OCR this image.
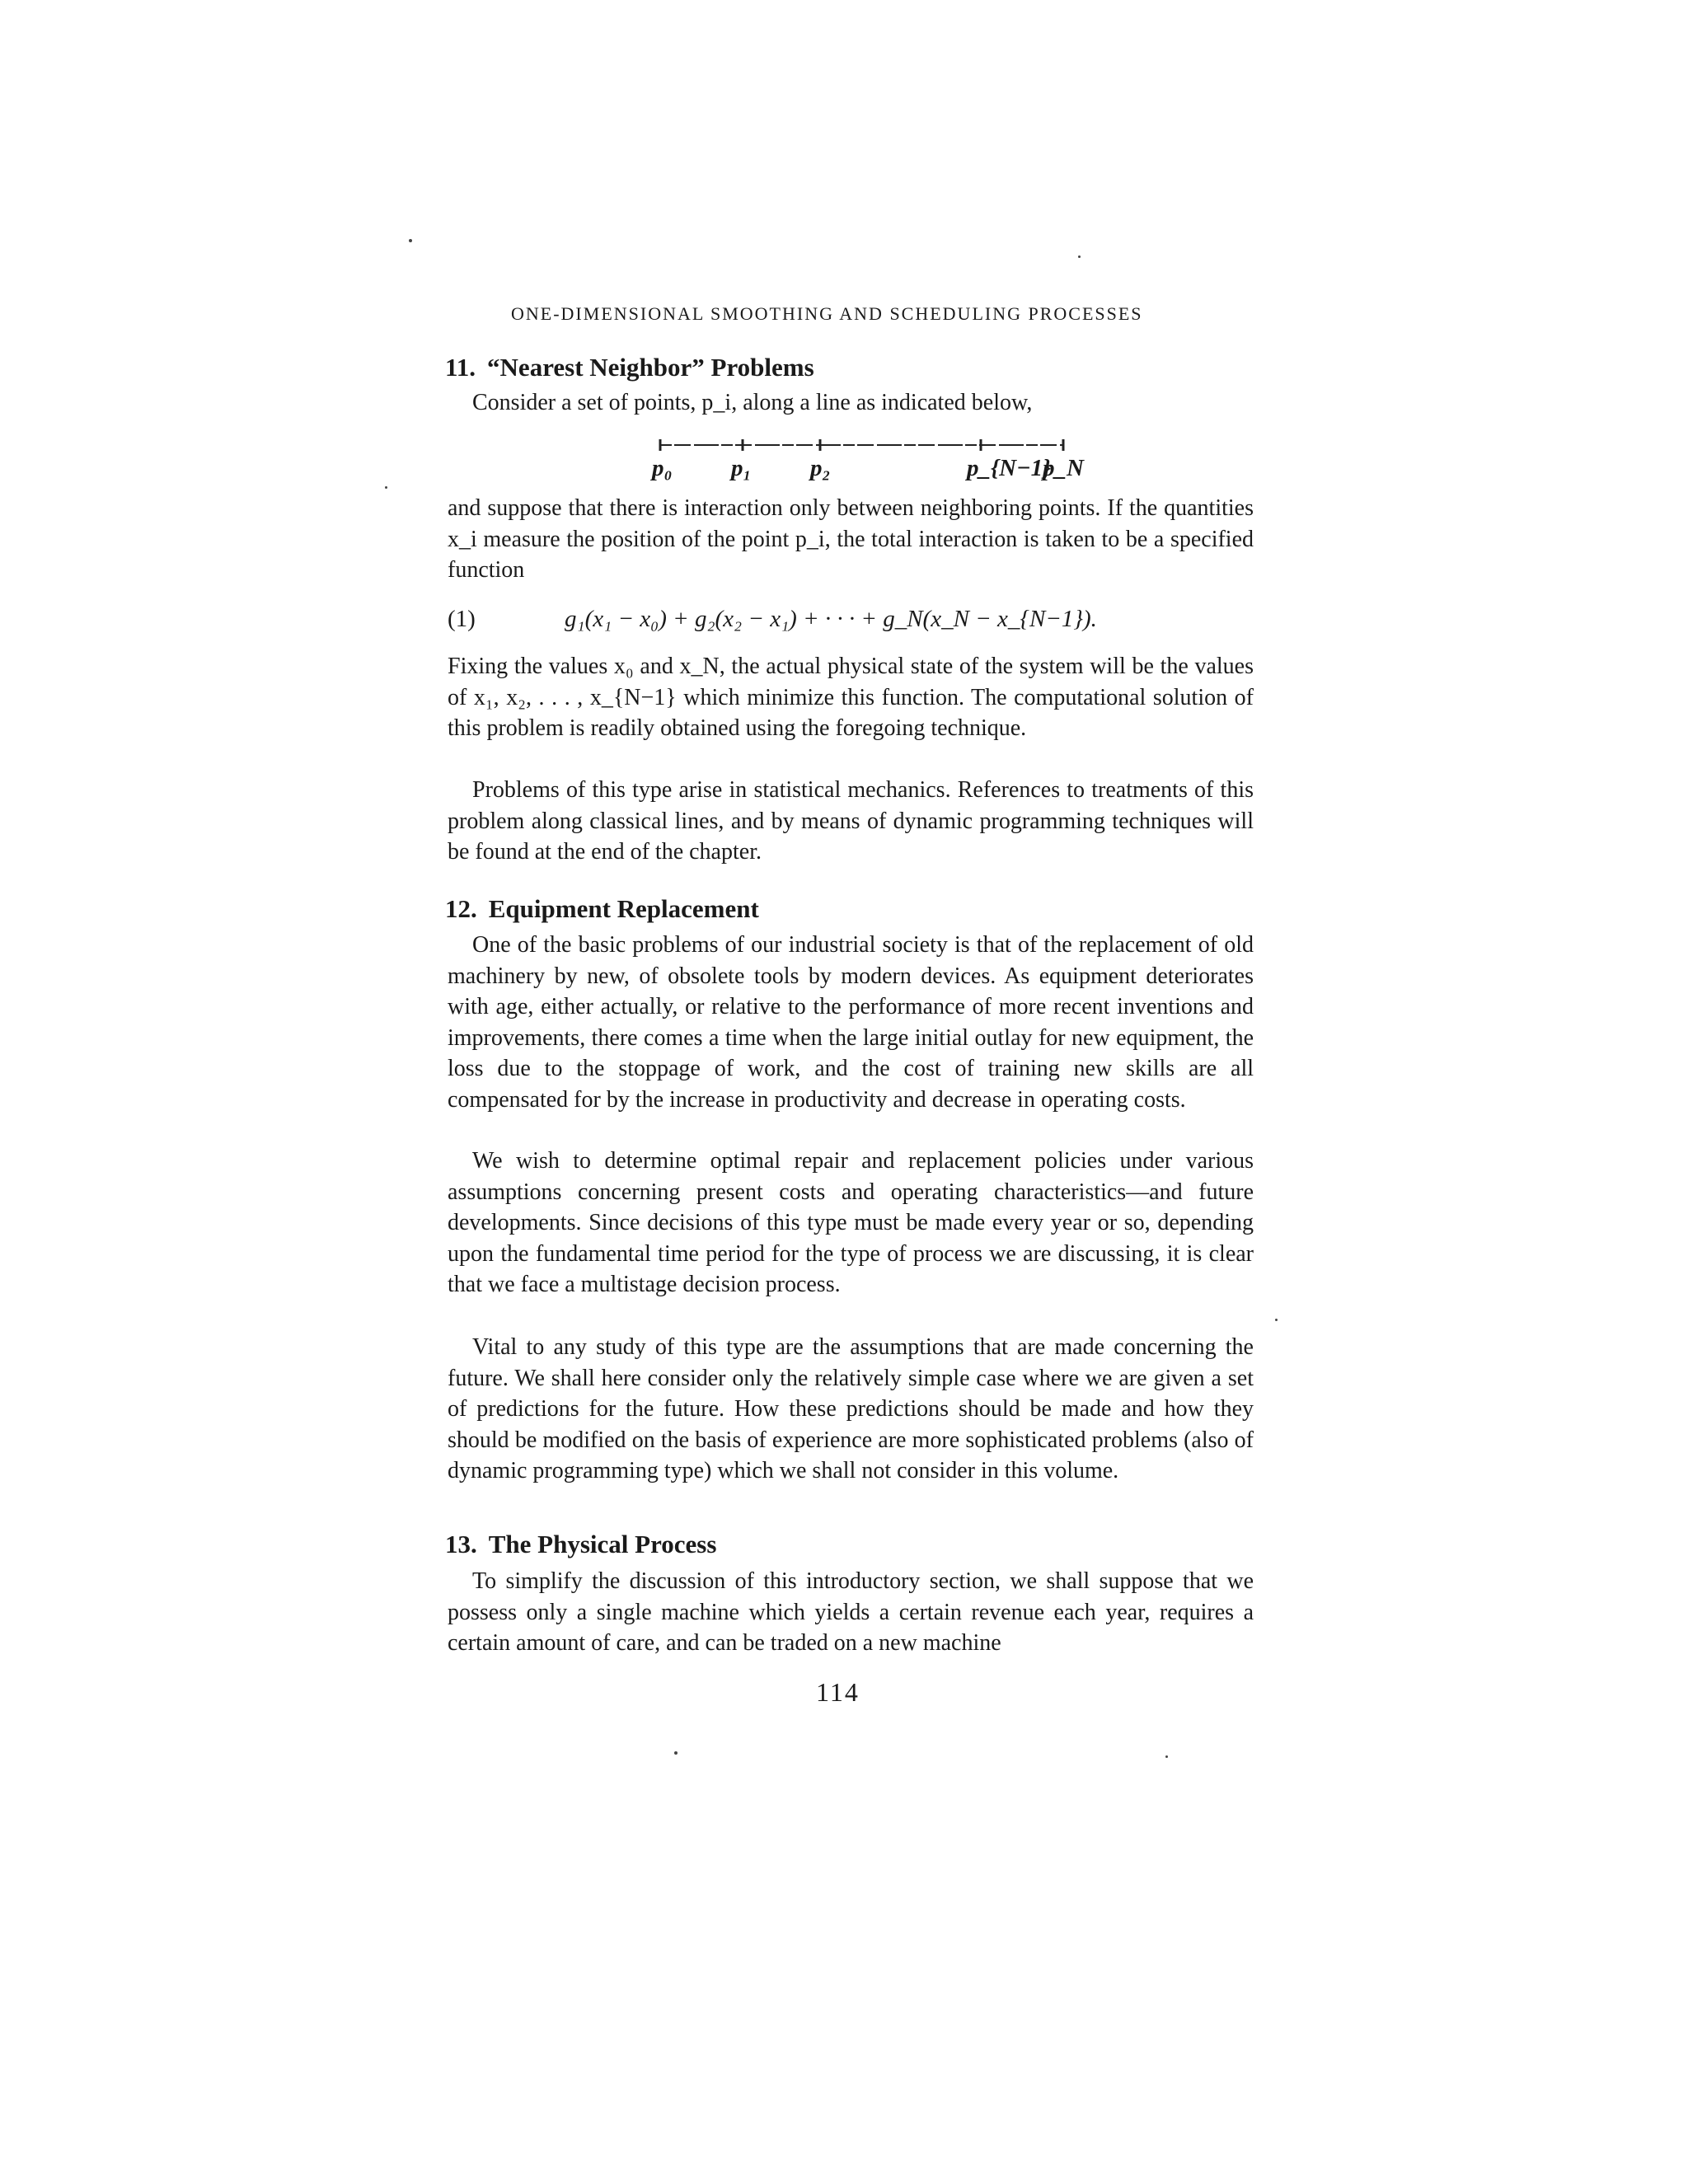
ONE-DIMENSIONAL SMOOTHING AND SCHEDULING PROCESSES
11. “Nearest Neighbor” Problems

Consider a set of points, p_i, along a line as indicated below,

p₀ p₁ p₂	p_{N−1}
p_N

and suppose that there is interaction only between neighboring points. If the quantities x_i measure the position of the point p_i, the total interaction is taken to be a specified function

(1)	g₁(x₁ − x₀) + g₂(x₂ − x₁) + · · · + g_N(x_N − x_{N−1}).

Fixing the values x₀ and x_N, the actual physical state of the system will be the values of x₁, x₂, . . . , x_{N−1} which minimize this function. The computational solution of this problem is readily obtained using the foregoing technique.

Problems of this type arise in statistical mechanics. References to treatments of this problem along classical lines, and by means of dynamic programming techniques will be found at the end of the chapter.

12. Equipment Replacement

One of the basic problems of our industrial society is that of the replacement of old machinery by new, of obsolete tools by modern devices. As equipment deteriorates with age, either actually, or relative to the performance of more recent inventions and improvements, there comes a time when the large initial outlay for new equipment, the loss due to the stoppage of work, and the cost of training new skills are all compensated for by the increase in productivity and decrease in operating costs.

We wish to determine optimal repair and replacement policies under various assumptions concerning present costs and operating characteristics—and future developments. Since decisions of this type must be made every year or so, depending upon the fundamental time period for the type of process we are discussing, it is clear that we face a multistage decision process.

Vital to any study of this type are the assumptions that are made concerning the future. We shall here consider only the relatively simple case where we are given a set of predictions for the future. How these predictions should be made and how they should be modified on the basis of experience are more sophisticated problems (also of dynamic programming type) which we shall not consider in this volume.

13. The Physical Process

To simplify the discussion of this introductory section, we shall suppose that we possess only a single machine which yields a certain revenue each year, requires a certain amount of care, and can be traded on a new machine

114
